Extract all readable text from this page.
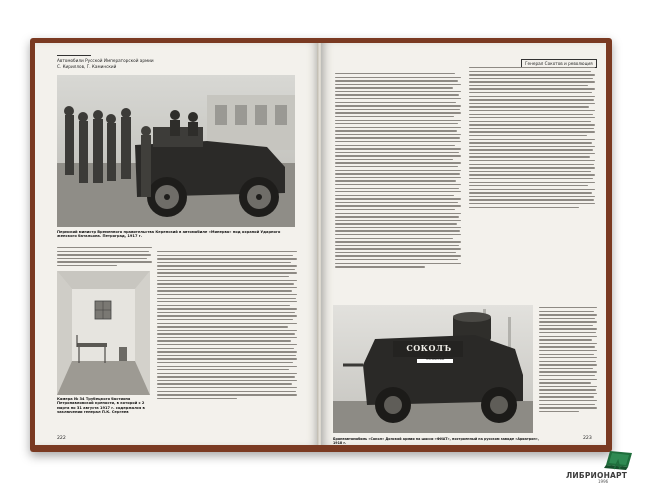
Автомобили Русской Императорской армии
С. Кириллов, Г. Каминский
Пермский министр Временного правительства Керенский в автомобиле «Минерва» под охраной Ударного женского батальона. Петроград, 1917 г.
Камера № 34 Трубецкого бастиона Петропавловской крепости, в которой с 2 марта по 31 августа 1917 г. содержался в заключении генерал П.К. Сергеев
222
Генерал Сокотов и революция
СОКОЛЪ
ТЕХНИЧЕСКІЙ
Бронеавтомобиль «Сокол» Донской армии на шасси «ФИАТ», построенный на русском заводе «Ариатрон», 1918 г.
223
ЛИБРИОНАРТ
1996
